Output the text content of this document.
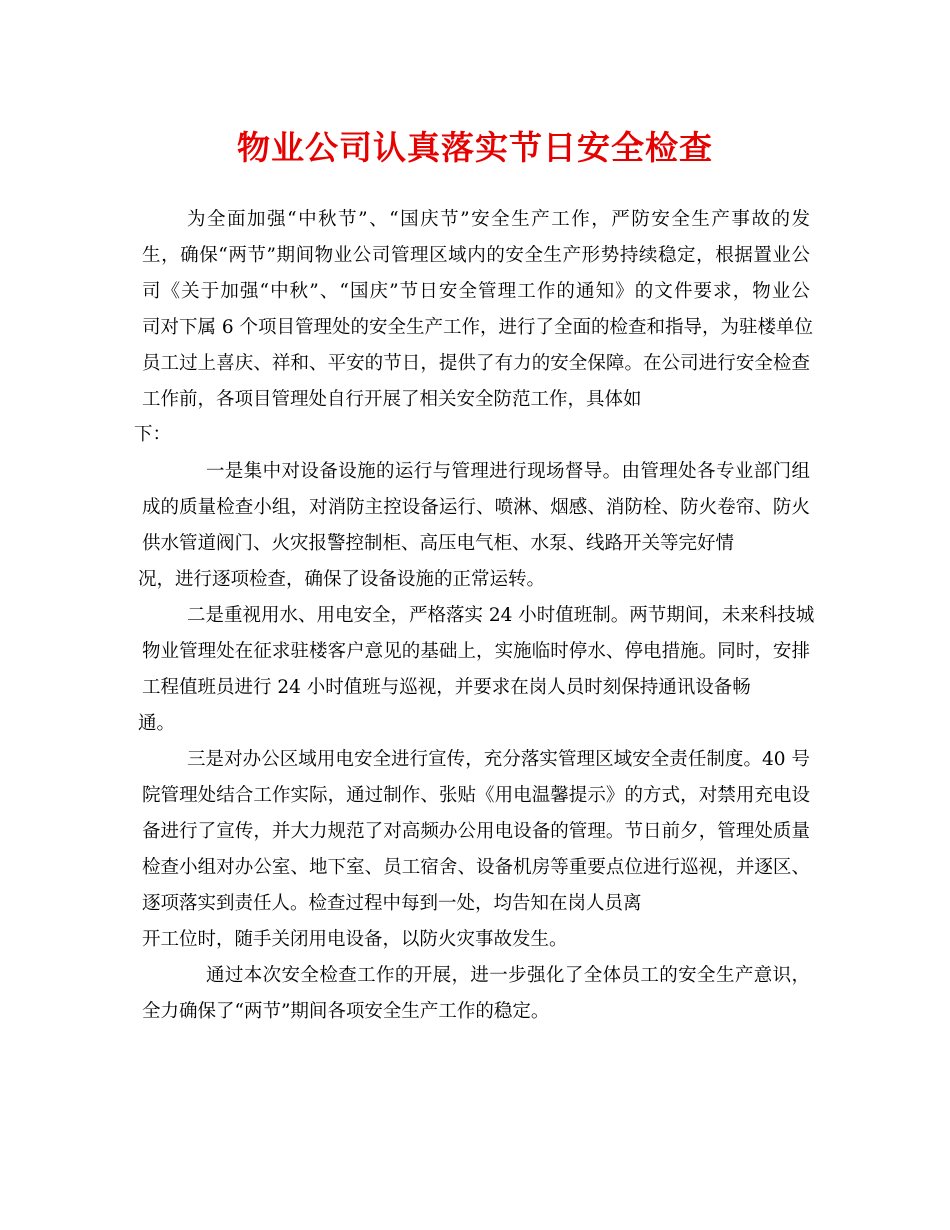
物业公司认真落实节日安全检查
为全面加强“中秋节”、“国庆节”安全生产工作，严防安全生产事故的发
生，确保“两节”期间物业公司管理区域内的安全生产形势持续稳定，根据置业公
司《关于加强“中秋”、“国庆”节日安全管理工作的通知》的文件要求，物业公
司对下属 6 个项目管理处的安全生产工作，进行了全面的检查和指导，为驻楼单位
员工过上喜庆、祥和、平安的节日，提供了有力的安全保障。在公司进行安全检查
工作前，各项目管理处自行开展了相关安全防范工作，具体如
下：
一是集中对设备设施的运行与管理进行现场督导。由管理处各专业部门组
成的质量检查小组，对消防主控设备运行、喷淋、烟感、消防栓、防火卷帘、防火
供水管道阀门、火灾报警控制柜、高压电气柜、水泵、线路开关等完好情
况，进行逐项检查，确保了设备设施的正常运转。
二是重视用水、用电安全，严格落实 24 小时值班制。两节期间，未来科技城
物业管理处在征求驻楼客户意见的基础上，实施临时停水、停电措施。同时，安排
工程值班员进行 24 小时值班与巡视，并要求在岗人员时刻保持通讯设备畅
通。
三是对办公区域用电安全进行宣传，充分落实管理区域安全责任制度。40 号
院管理处结合工作实际，通过制作、张贴《用电温馨提示》的方式，对禁用充电设
备进行了宣传，并大力规范了对高频办公用电设备的管理。节日前夕，管理处质量
检查小组对办公室、地下室、员工宿舍、设备机房等重要点位进行巡视，并逐区、
逐项落实到责任人。检查过程中每到一处，均告知在岗人员离
开工位时，随手关闭用电设备，以防火灾事故发生。
通过本次安全检查工作的开展，进一步强化了全体员工的安全生产意识，
全力确保了“两节”期间各项安全生产工作的稳定。
